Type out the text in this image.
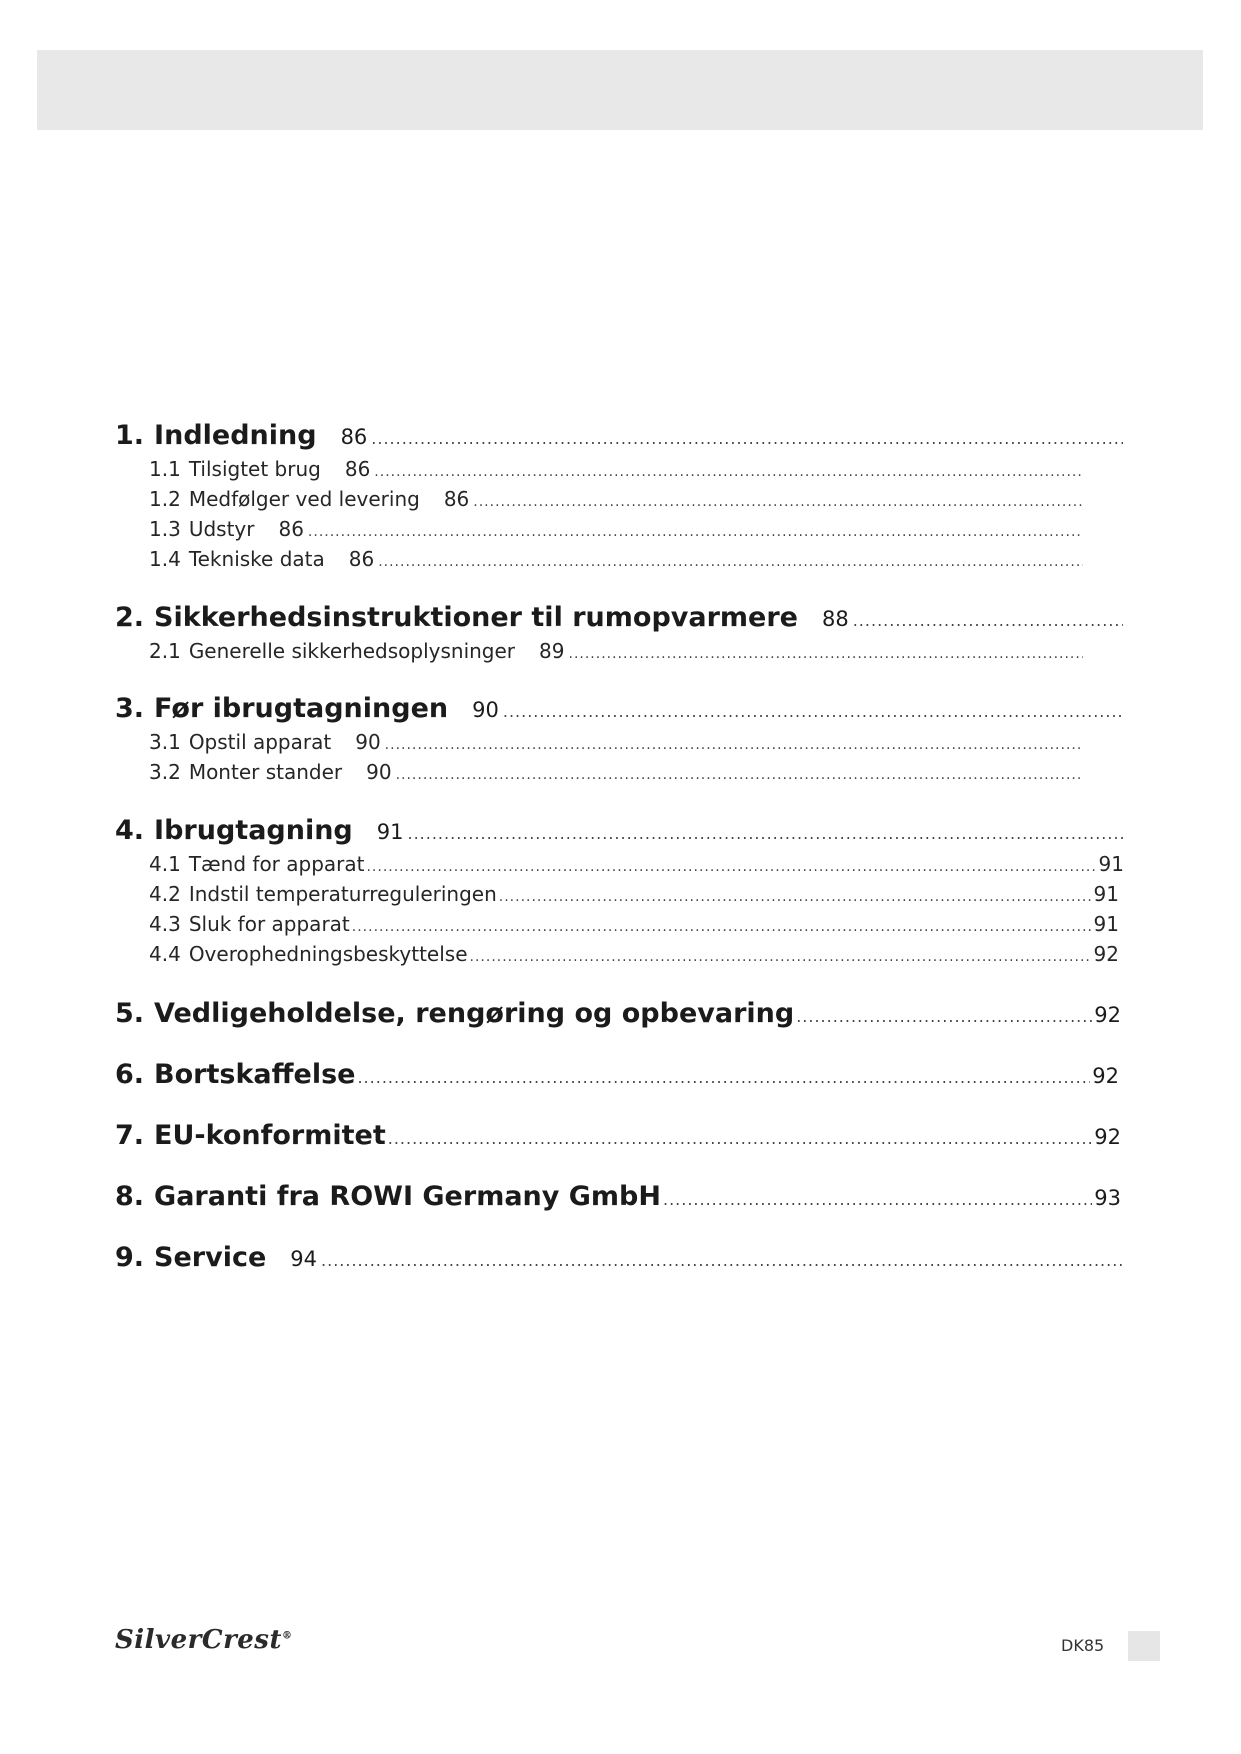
1. Indledning 86
.....
1.1 Tilsigtet brug 86
.....
1.2 Medfølger ved levering 86
.....
1.3 Udstyr 86
.....
1.4 Tekniske data 86
.....
2. Sikkerhedsinstruktioner til rumopvarmere 88
.....
2.1 Generelle sikkerhedsoplysninger 89
.....
3. Før ibrugtagningen 90
.....
3.1 Opstil apparat 90
.....
3.2 Monter stander 90
.....
4. Ibrugtagning 91
.....
4.1 Tænd for apparat .....	91
4.2 Indstil temperaturreguleringen .....	91
4.3 Sluk for apparat .....	91
4.4 Overophedningsbeskyttelse .....	92
5. Vedligeholdelse, rengøring og opbevaring .....	92
6. Bortskaffelse .....	92
7. EU-konformitet .....	92
8. Garanti fra ROWI Germany GmbH .....	93
9. Service 94
.....
SilverCrest®
DK85
